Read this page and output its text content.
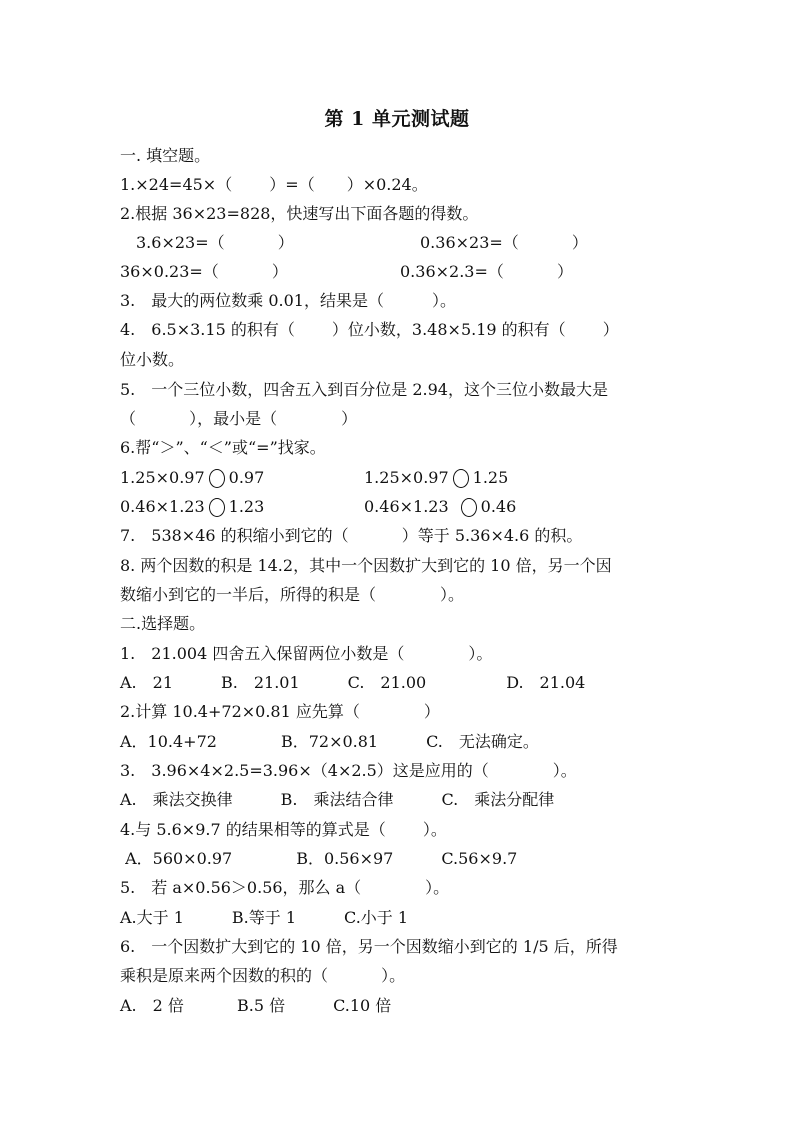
第 1 单元测试题
一. 填空题。
1.×24=45×（　　 ）=（　　）×0.24。
2.根据 36×23=828，快速写出下面各题的得数。
3.6×23=（　　　 ）	0.36×23=（　　　 ）
36×0.23=（　　　 ）	0.36×2.3=（　　　 ）
3.　最大的两位数乘 0.01，结果是（　　　）。
4.　6.5×3.15 的积有（　　 ）位小数，3.48×5.19 的积有（　　 ）
位小数。
5.　一个三位小数，四舍五入到百分位是 2.94，这个三位小数最大是
（　　　 ），最小是（　　　　）
6.帮“＞”、“＜”或“=”找家。
1.25×0.97 0.97	1.25×0.97 1.25
0.46×1.23 1.23	0.46×1.23 0.46
7.　538×46 的积缩小到它的（　　　 ）等于 5.36×4.6 的积。
8. 两个因数的积是 14.2，其中一个因数扩大到它的 10 倍，另一个因
数缩小到它的一半后，所得的积是（　　　　）。
二.选择题。
1.　21.004 四舍五入保留两位小数是（　　　　）。
A.　21　　　B.　21.01　　　C.　21.00　　　　　D.　21.04
2.计算 10.4+72×0.81 应先算（　　　　）
A．10.4+72　　　　B．72×0.81　　　C.　无法确定。
3.　3.96×4×2.5=3.96×（4×2.5）这是应用的（　　　　）。
A.　乘法交换律　　　B.　乘法结合律　　　C.　乘法分配律
4.与 5.6×9.7 的结果相等的算式是（　　 ）。
A．560×0.97　　　　B．0.56×97　　　C.56×9.7
5.　若 a×0.56＞0.56，那么 a（　　　　）。
A.大于 1　　　B.等于 1　　　C.小于 1
6.　一个因数扩大到它的 10 倍，另一个因数缩小到它的 1/5 后，所得
乘积是原来两个因数的积的（　　　 ）。
A.　2 倍　　　 B.5 倍　　　C.10 倍
